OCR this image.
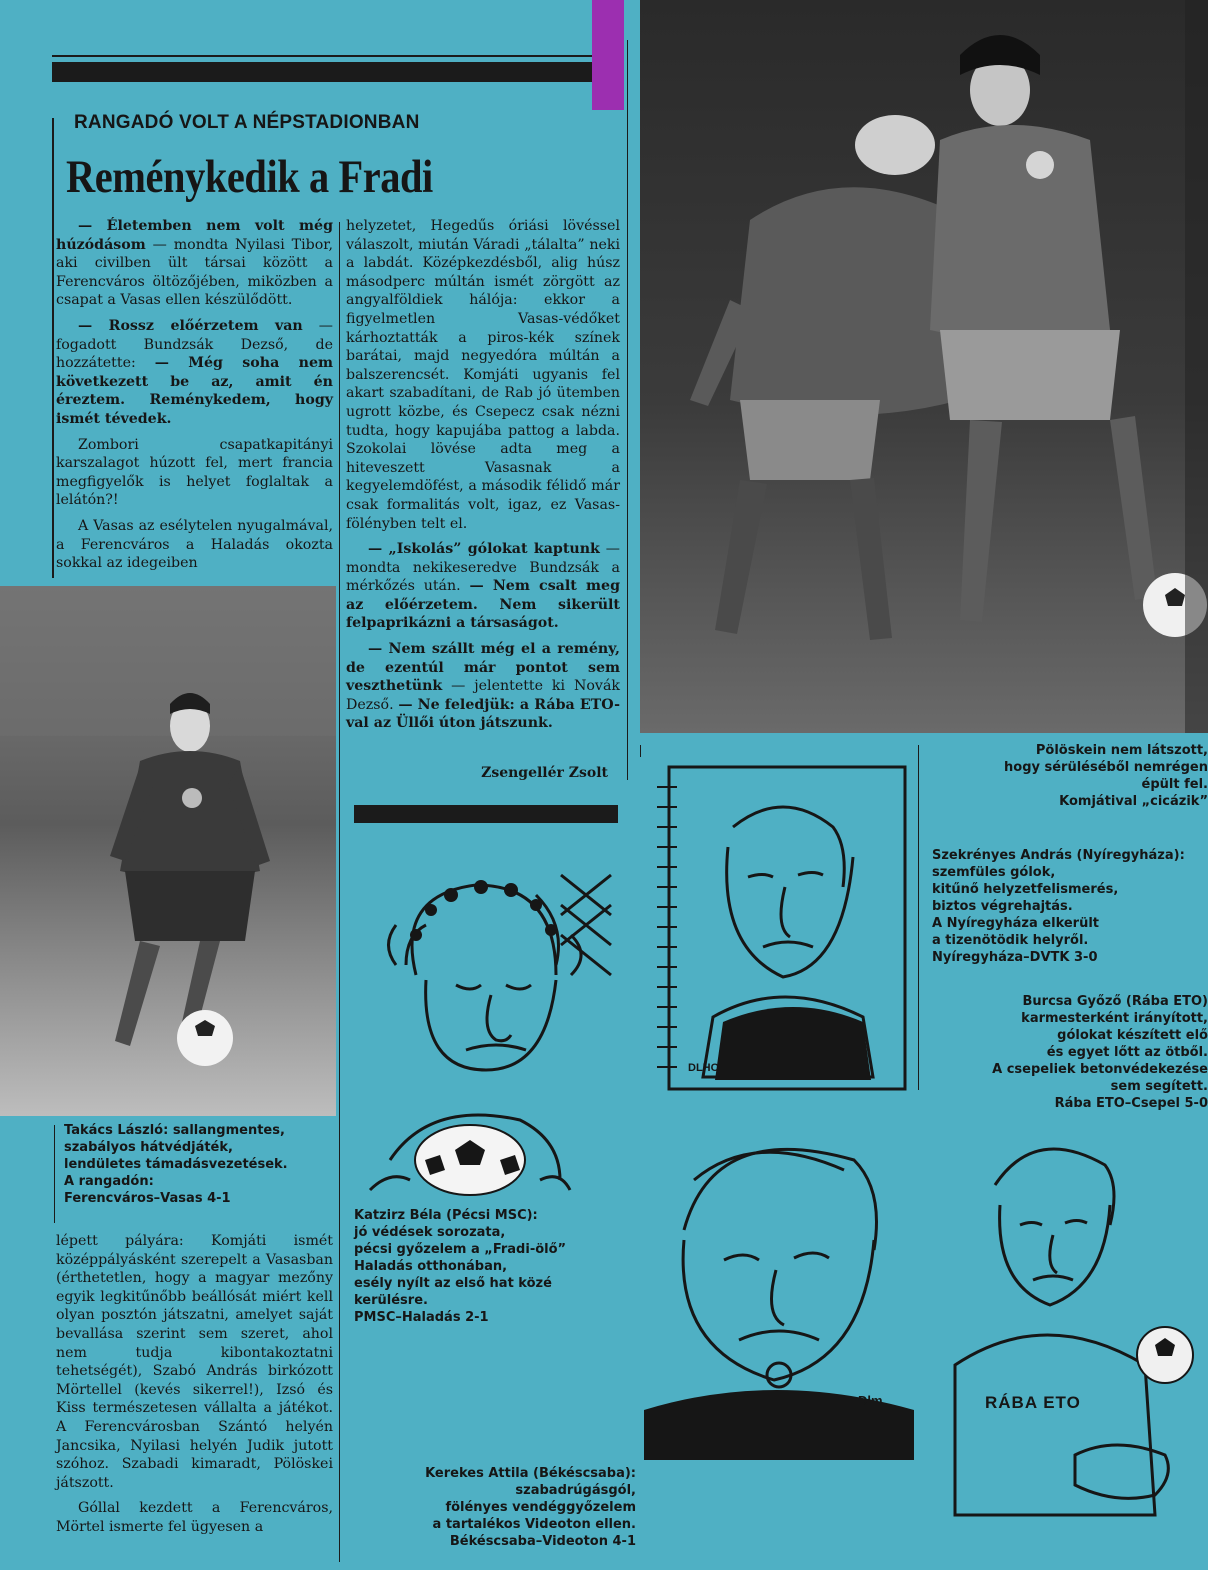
RANGADÓ VOLT A NÉPSTADIONBAN
Reménykedik a Fradi

— Életemben nem volt még húzódásom — mondta Nyilasi Tibor, aki civilben ült társai között a Ferencváros öltözőjében, miközben a csapat a Vasas ellen készülődött.

— Rossz előérzetem van — fogadott Bundzsák Dezső, de hozzátette: — Még soha nem következett be az, amit én éreztem. Reménykedem, hogy ismét tévedek.

Zombori csapatkapitányi karszalagot húzott fel, mert francia megfigyelők is helyet foglaltak a lelátón?!

A Vasas az esélytelen nyugalmával, a Ferencváros a Haladás okozta sokkal az idegeiben

Takács László: sallangmentes,
szabályos hátvédjáték,
lendületes támadásvezetések.
A rangadón:
Ferencváros–Vasas 4-1

lépett pályára: Komjáti ismét középpályásként szerepelt a Vasasban (érthetetlen, hogy a magyar mezőny egyik legkitűnőbb beállósát miért kell olyan posztón játszatni, amelyet saját bevallása szerint sem szeret, ahol nem tudja kibontakoztatni tehetségét), Szabó András birkózott Mörtellel (kevés sikerrel!), Izsó és Kiss természetesen vállalta a játékot. A Ferencvárosban Szántó helyén Jancsika, Nyilasi helyén Judik jutott szóhoz. Szabadi kimaradt, Pölöskei játszott.

Góllal kezdett a Ferencváros, Mörtel ismerte fel ügyesen a

helyzetet, Hegedűs óriási lövéssel válaszolt, miután Váradi „tálalta” neki a labdát. Középkezdésből, alig húsz másodperc múltán ismét zörgött az angyalföldiek hálója: ekkor a figyelmetlen Vasas-védőket kárhoztatták a piros-kék színek barátai, majd negyedóra múltán a balszerencsét. Komjáti ugyanis fel akart szabadítani, de Rab jó ütemben ugrott közbe, és Csepecz csak nézni tudta, hogy kapujába pattog a labda. Szokolai lövése adta meg a hiteveszett Vasasnak a kegyelemdöfést, a második félidő már csak formalitás volt, igaz, ez Vasas-fölényben telt el.

— „Iskolás” gólokat kaptunk — mondta nekikeseredve Bundzsák a mérkőzés után. — Nem csalt meg az előérzetem. Nem sikerült felpaprikázni a társaságot.

— Nem szállt még el a remény, de ezentúl már pontot sem veszthetünk — jelentette ki Novák Dezső. — Ne feledjük: a Rába ETO-val az Üllői úton játszunk.

Zsengellér Zsolt
Katzirz Béla (Pécsi MSC):
jó védések sorozata,
pécsi győzelem a „Fradi-ölő”
Haladás otthonában,
esély nyílt az első hat közé
kerülésre.
PMSC–Haladás 2-1
DLHO
Kerekes Attila (Békéscsaba):
szabadrúgásgól,
fölényes vendéggyőzelem
a tartalékos Videoton ellen.
Békéscsaba–Videoton 4-1
RÁBA ETO
Dlm
Pölöskein nem látszott,
hogy sérüléséből nemrégen
épült fel.
Komjátival „cicázik”
Szekrényes András (Nyíregyháza):
szemfüles gólok,
kitűnő helyzetfelismerés,
biztos végrehajtás.
A Nyíregyháza elkerült
a tizenötödik helyről.
Nyíregyháza–DVTK 3-0
Burcsa Győző (Rába ETO)
karmesterként irányított,
gólokat készített elő
és egyet lőtt az ötből.
A csepeliek betonvédekezése
sem segített.
Rába ETO–Csepel 5-0
